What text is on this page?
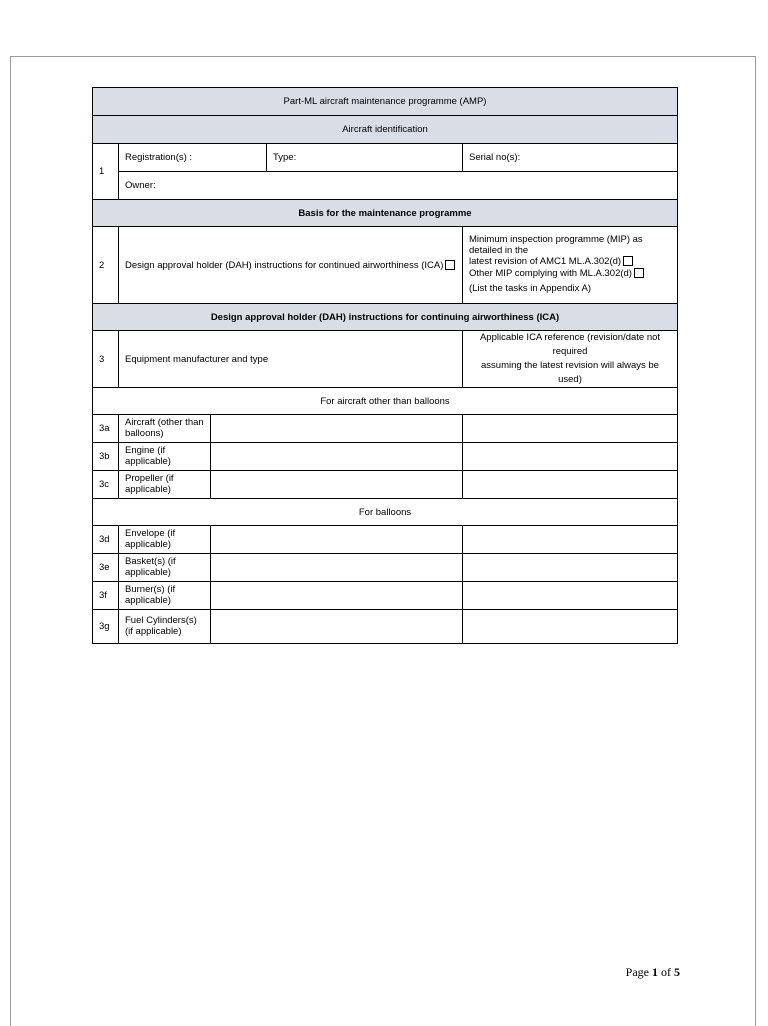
Part-ML aircraft maintenance programme (AMP)				
Aircraft identification				
1	Registration(s) :		Type:	Serial no(s):
	Owner:			
Basis for the maintenance programme				
2	Design approval holder (DAH) instructions for continued airworthiness (ICA)			Minimum inspection programme (MIP) as detailed in the
latest revision of AMC1 ML.A.302(d)
Other MIP complying with ML.A.302(d)
(List the tasks in Appendix A)

Design approval holder (DAH) instructions for continuing airworthiness (ICA)				
3	Equipment manufacturer and type			Applicable ICA reference (revision/date not required
assuming the latest revision will always be used)

For aircraft other than balloons				
3a	Aircraft (other than balloons)			
3b	Engine (if applicable)			
3c	Propeller (if applicable)			
For balloons				
3d	Envelope (if applicable)			
3e	Basket(s) (if applicable)			
3f	Burner(s) (if applicable)			
3g	Fuel Cylinders(s) (if applicable)			
Page 1 of 5
